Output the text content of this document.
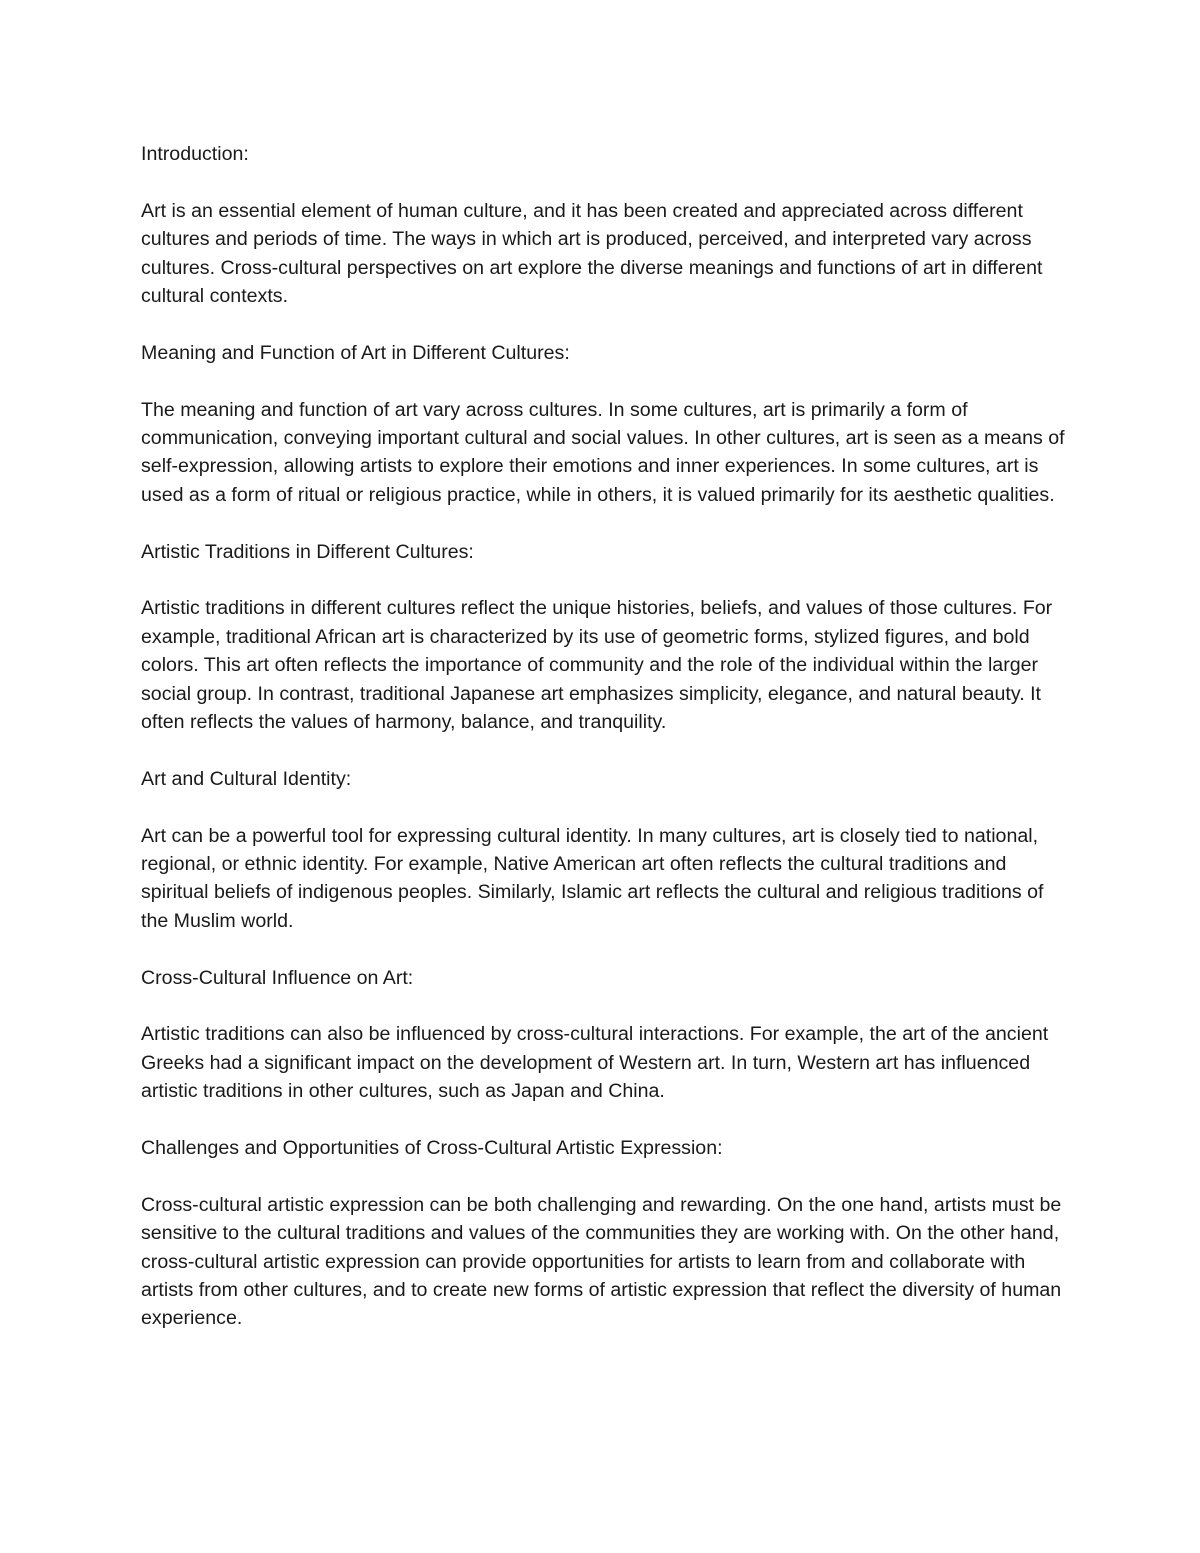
Introduction:

Art is an essential element of human culture, and it has been created and appreciated across different cultures and periods of time. The ways in which art is produced, perceived, and interpreted vary across cultures. Cross-cultural perspectives on art explore the diverse meanings and functions of art in different cultural contexts.

Meaning and Function of Art in Different Cultures:

The meaning and function of art vary across cultures. In some cultures, art is primarily a form of communication, conveying important cultural and social values. In other cultures, art is seen as a means of self-expression, allowing artists to explore their emotions and inner experiences. In some cultures, art is used as a form of ritual or religious practice, while in others, it is valued primarily for its aesthetic qualities.

Artistic Traditions in Different Cultures:

Artistic traditions in different cultures reflect the unique histories, beliefs, and values of those cultures. For example, traditional African art is characterized by its use of geometric forms, stylized figures, and bold colors. This art often reflects the importance of community and the role of the individual within the larger social group. In contrast, traditional Japanese art emphasizes simplicity, elegance, and natural beauty. It often reflects the values of harmony, balance, and tranquility.

Art and Cultural Identity:

Art can be a powerful tool for expressing cultural identity. In many cultures, art is closely tied to national, regional, or ethnic identity. For example, Native American art often reflects the cultural traditions and spiritual beliefs of indigenous peoples. Similarly, Islamic art reflects the cultural and religious traditions of the Muslim world.

Cross-Cultural Influence on Art:

Artistic traditions can also be influenced by cross-cultural interactions. For example, the art of the ancient Greeks had a significant impact on the development of Western art. In turn, Western art has influenced artistic traditions in other cultures, such as Japan and China.

Challenges and Opportunities of Cross-Cultural Artistic Expression:

Cross-cultural artistic expression can be both challenging and rewarding. On the one hand, artists must be sensitive to the cultural traditions and values of the communities they are working with. On the other hand, cross-cultural artistic expression can provide opportunities for artists to learn from and collaborate with artists from other cultures, and to create new forms of artistic expression that reflect the diversity of human experience.
